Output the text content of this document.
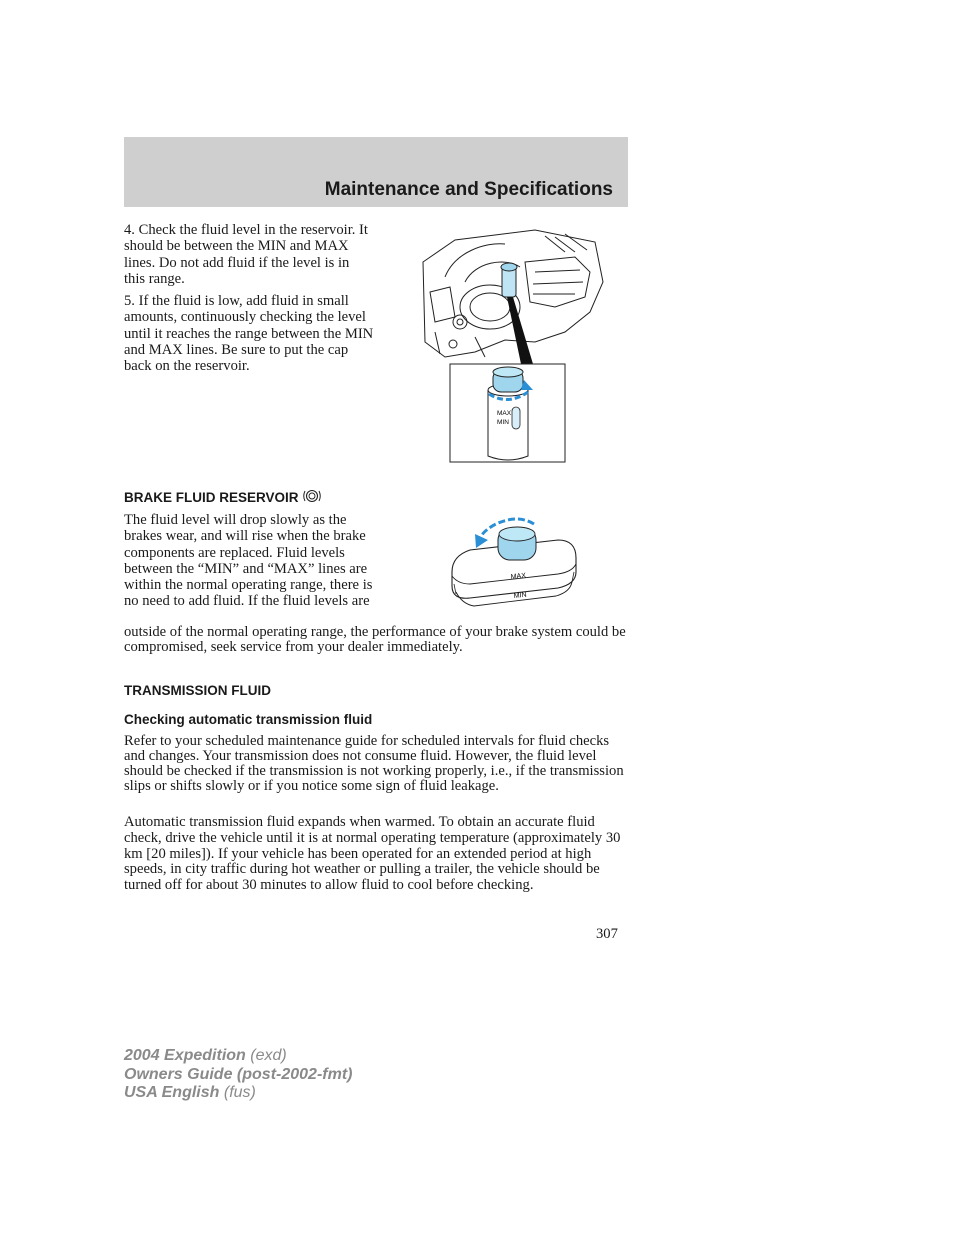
Maintenance and Specifications

4. Check the fluid level in the reservoir. It should be between the MIN and MAX lines. Do not add fluid if the level is in this range.

5. If the fluid is low, add fluid in small amounts, continuously checking the level until it reaches the range between the MIN and MAX lines. Be sure to put the cap back on the reservoir.

MAX
MIN
BRAKE FLUID RESERVOIR

The fluid level will drop slowly as the brakes wear, and will rise when the brake components are replaced. Fluid levels between the “MIN” and “MAX” lines are within the normal operating range, there is no need to add fluid. If the fluid levels are

MAX
MIN

outside of the normal operating range, the performance of your brake system could be compromised, seek service from your dealer immediately.

TRANSMISSION FLUID
Checking automatic transmission fluid

Refer to your scheduled maintenance guide for scheduled intervals for fluid checks and changes. Your transmission does not consume fluid. However, the fluid level should be checked if the transmission is not working properly, i.e., if the transmission slips or shifts slowly or if you notice some sign of fluid leakage.

Automatic transmission fluid expands when warmed. To obtain an accurate fluid check, drive the vehicle until it is at normal operating temperature (approximately 30 km [20 miles]). If your vehicle has been operated for an extended period at high speeds, in city traffic during hot weather or pulling a trailer, the vehicle should be turned off for about 30 minutes to allow fluid to cool before checking.

307
2004 Expedition (exd)
Owners Guide (post-2002-fmt)
USA English (fus)
